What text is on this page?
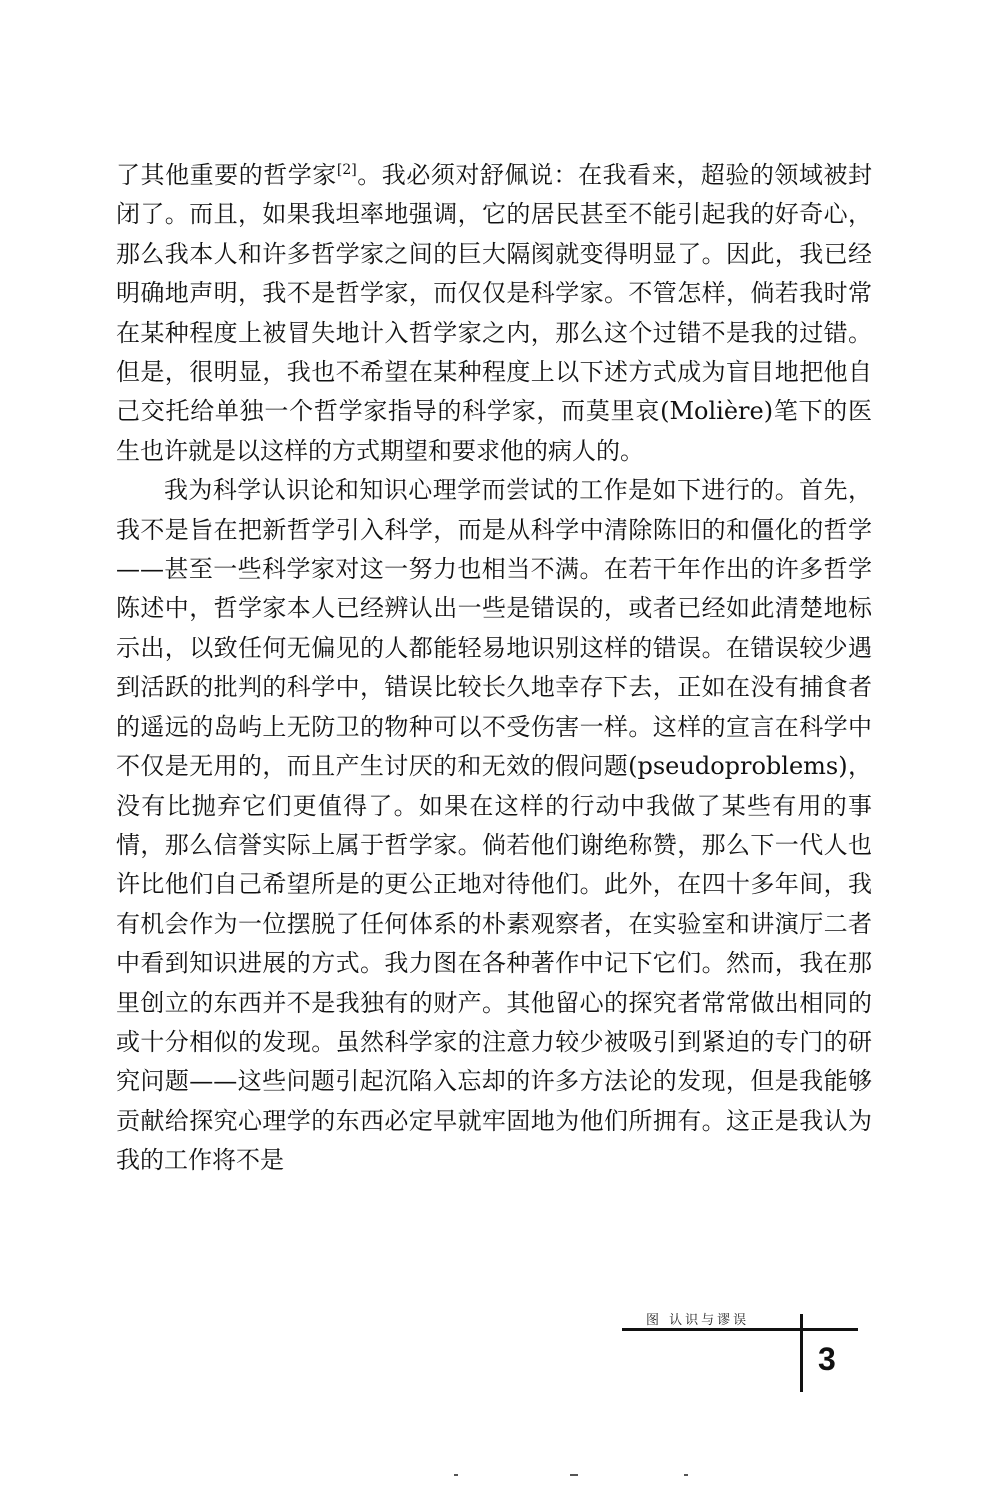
了其他重要的哲学家[2]。我必须对舒佩说：在我看来，超验的领域被封闭了。而且，如果我坦率地强调，它的居民甚至不能引起我的好奇心，那么我本人和许多哲学家之间的巨大隔阂就变得明显了。因此，我已经明确地声明，我不是哲学家，而仅仅是科学家。不管怎样，倘若我时常在某种程度上被冒失地计入哲学家之内，那么这个过错不是我的过错。但是，很明显，我也不希望在某种程度上以下述方式成为盲目地把他自己交托给单独一个哲学家指导的科学家，而莫里哀(Molière)笔下的医生也许就是以这样的方式期望和要求他的病人的。

我为科学认识论和知识心理学而尝试的工作是如下进行的。首先，我不是旨在把新哲学引入科学，而是从科学中清除陈旧的和僵化的哲学——甚至一些科学家对这一努力也相当不满。在若干年作出的许多哲学陈述中，哲学家本人已经辨认出一些是错误的，或者已经如此清楚地标示出，以致任何无偏见的人都能轻易地识别这样的错误。在错误较少遇到活跃的批判的科学中，错误比较长久地幸存下去，正如在没有捕食者的遥远的岛屿上无防卫的物种可以不受伤害一样。这样的宣言在科学中不仅是无用的，而且产生讨厌的和无效的假问题(pseudoproblems)，没有比抛弃它们更值得了。如果在这样的行动中我做了某些有用的事情，那么信誉实际上属于哲学家。倘若他们谢绝称赞，那么下一代人也许比他们自己希望所是的更公正地对待他们。此外，在四十多年间，我有机会作为一位摆脱了任何体系的朴素观察者，在实验室和讲演厅二者中看到知识进展的方式。我力图在各种著作中记下它们。然而，我在那里创立的东西并不是我独有的财产。其他留心的探究者常常做出相同的或十分相似的发现。虽然科学家的注意力较少被吸引到紧迫的专门的研究问题——这些问题引起沉陷入忘却的许多方法论的发现，但是我能够贡献给探究心理学的东西必定早就牢固地为他们所拥有。这正是我认为我的工作将不是

图 认识与谬误
3
